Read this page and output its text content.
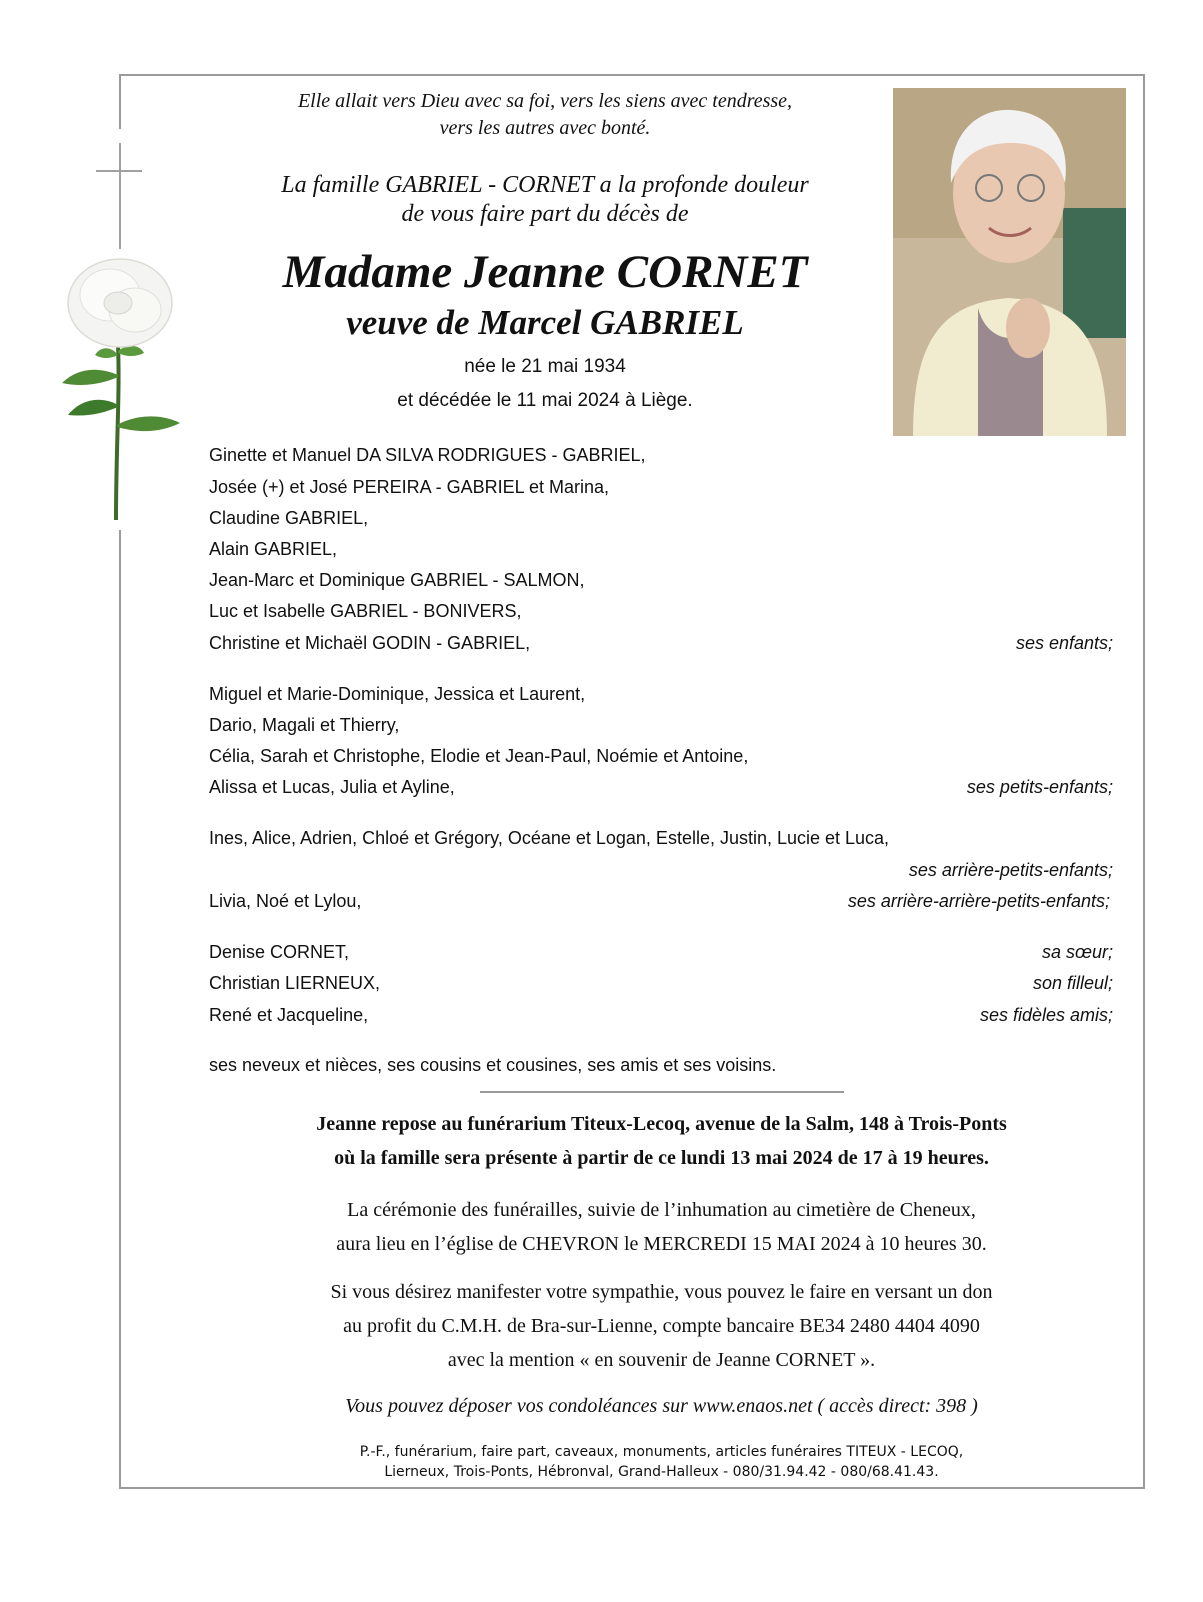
Elle allait vers Dieu avec sa foi, vers les siens avec tendresse,
vers les autres avec bonté.
La famille GABRIEL - CORNET a la profonde douleur
de vous faire part du décès de
Madame Jeanne CORNET
veuve de Marcel GABRIEL
née le 21 mai 1934
et décédée le 11 mai 2024 à Liège.
Ginette et Manuel DA SILVA RODRIGUES - GABRIEL,
Josée (+) et José PEREIRA - GABRIEL et Marina,
Claudine GABRIEL,
Alain GABRIEL,
Jean-Marc et Dominique GABRIEL - SALMON,
Luc et Isabelle GABRIEL - BONIVERS,
Christine et Michaël GODIN - GABRIEL,	ses enfants;
Miguel et Marie-Dominique, Jessica et Laurent,
Dario, Magali et Thierry,
Célia, Sarah et Christophe, Elodie et Jean-Paul, Noémie et Antoine,
Alissa et Lucas, Julia et Ayline,	ses petits-enfants;
Ines, Alice, Adrien, Chloé et Grégory, Océane et Logan, Estelle, Justin, Lucie et Luca,
ses arrière-petits-enfants;
Livia, Noé et Lylou,	ses arrière-arrière-petits-enfants;
Denise CORNET,	sa sœur;
Christian LIERNEUX,	son filleul;
René et Jacqueline,	ses fidèles amis;
ses neveux et nièces, ses cousins et cousines, ses amis et ses voisins.
Jeanne repose au funérarium Titeux-Lecoq, avenue de la Salm, 148 à Trois-Ponts
où la famille sera présente à partir de ce lundi 13 mai 2024 de 17 à 19 heures.
La cérémonie des funérailles, suivie de l’inhumation au cimetière de Cheneux,
aura lieu en l’église de CHEVRON le MERCREDI 15 MAI 2024 à 10 heures 30.
Si vous désirez manifester votre sympathie, vous pouvez le faire en versant un don
au profit du C.M.H. de Bra-sur-Lienne, compte bancaire BE34 2480 4404 4090
avec la mention « en souvenir de Jeanne CORNET ».
Vous pouvez déposer vos condoléances sur www.enaos.net ( accès direct: 398 )
P.-F., funérarium, faire part, caveaux, monuments, articles funéraires TITEUX - LECOQ,
Lierneux, Trois-Ponts, Hébronval, Grand-Halleux - 080/31.94.42 - 080/68.41.43.
